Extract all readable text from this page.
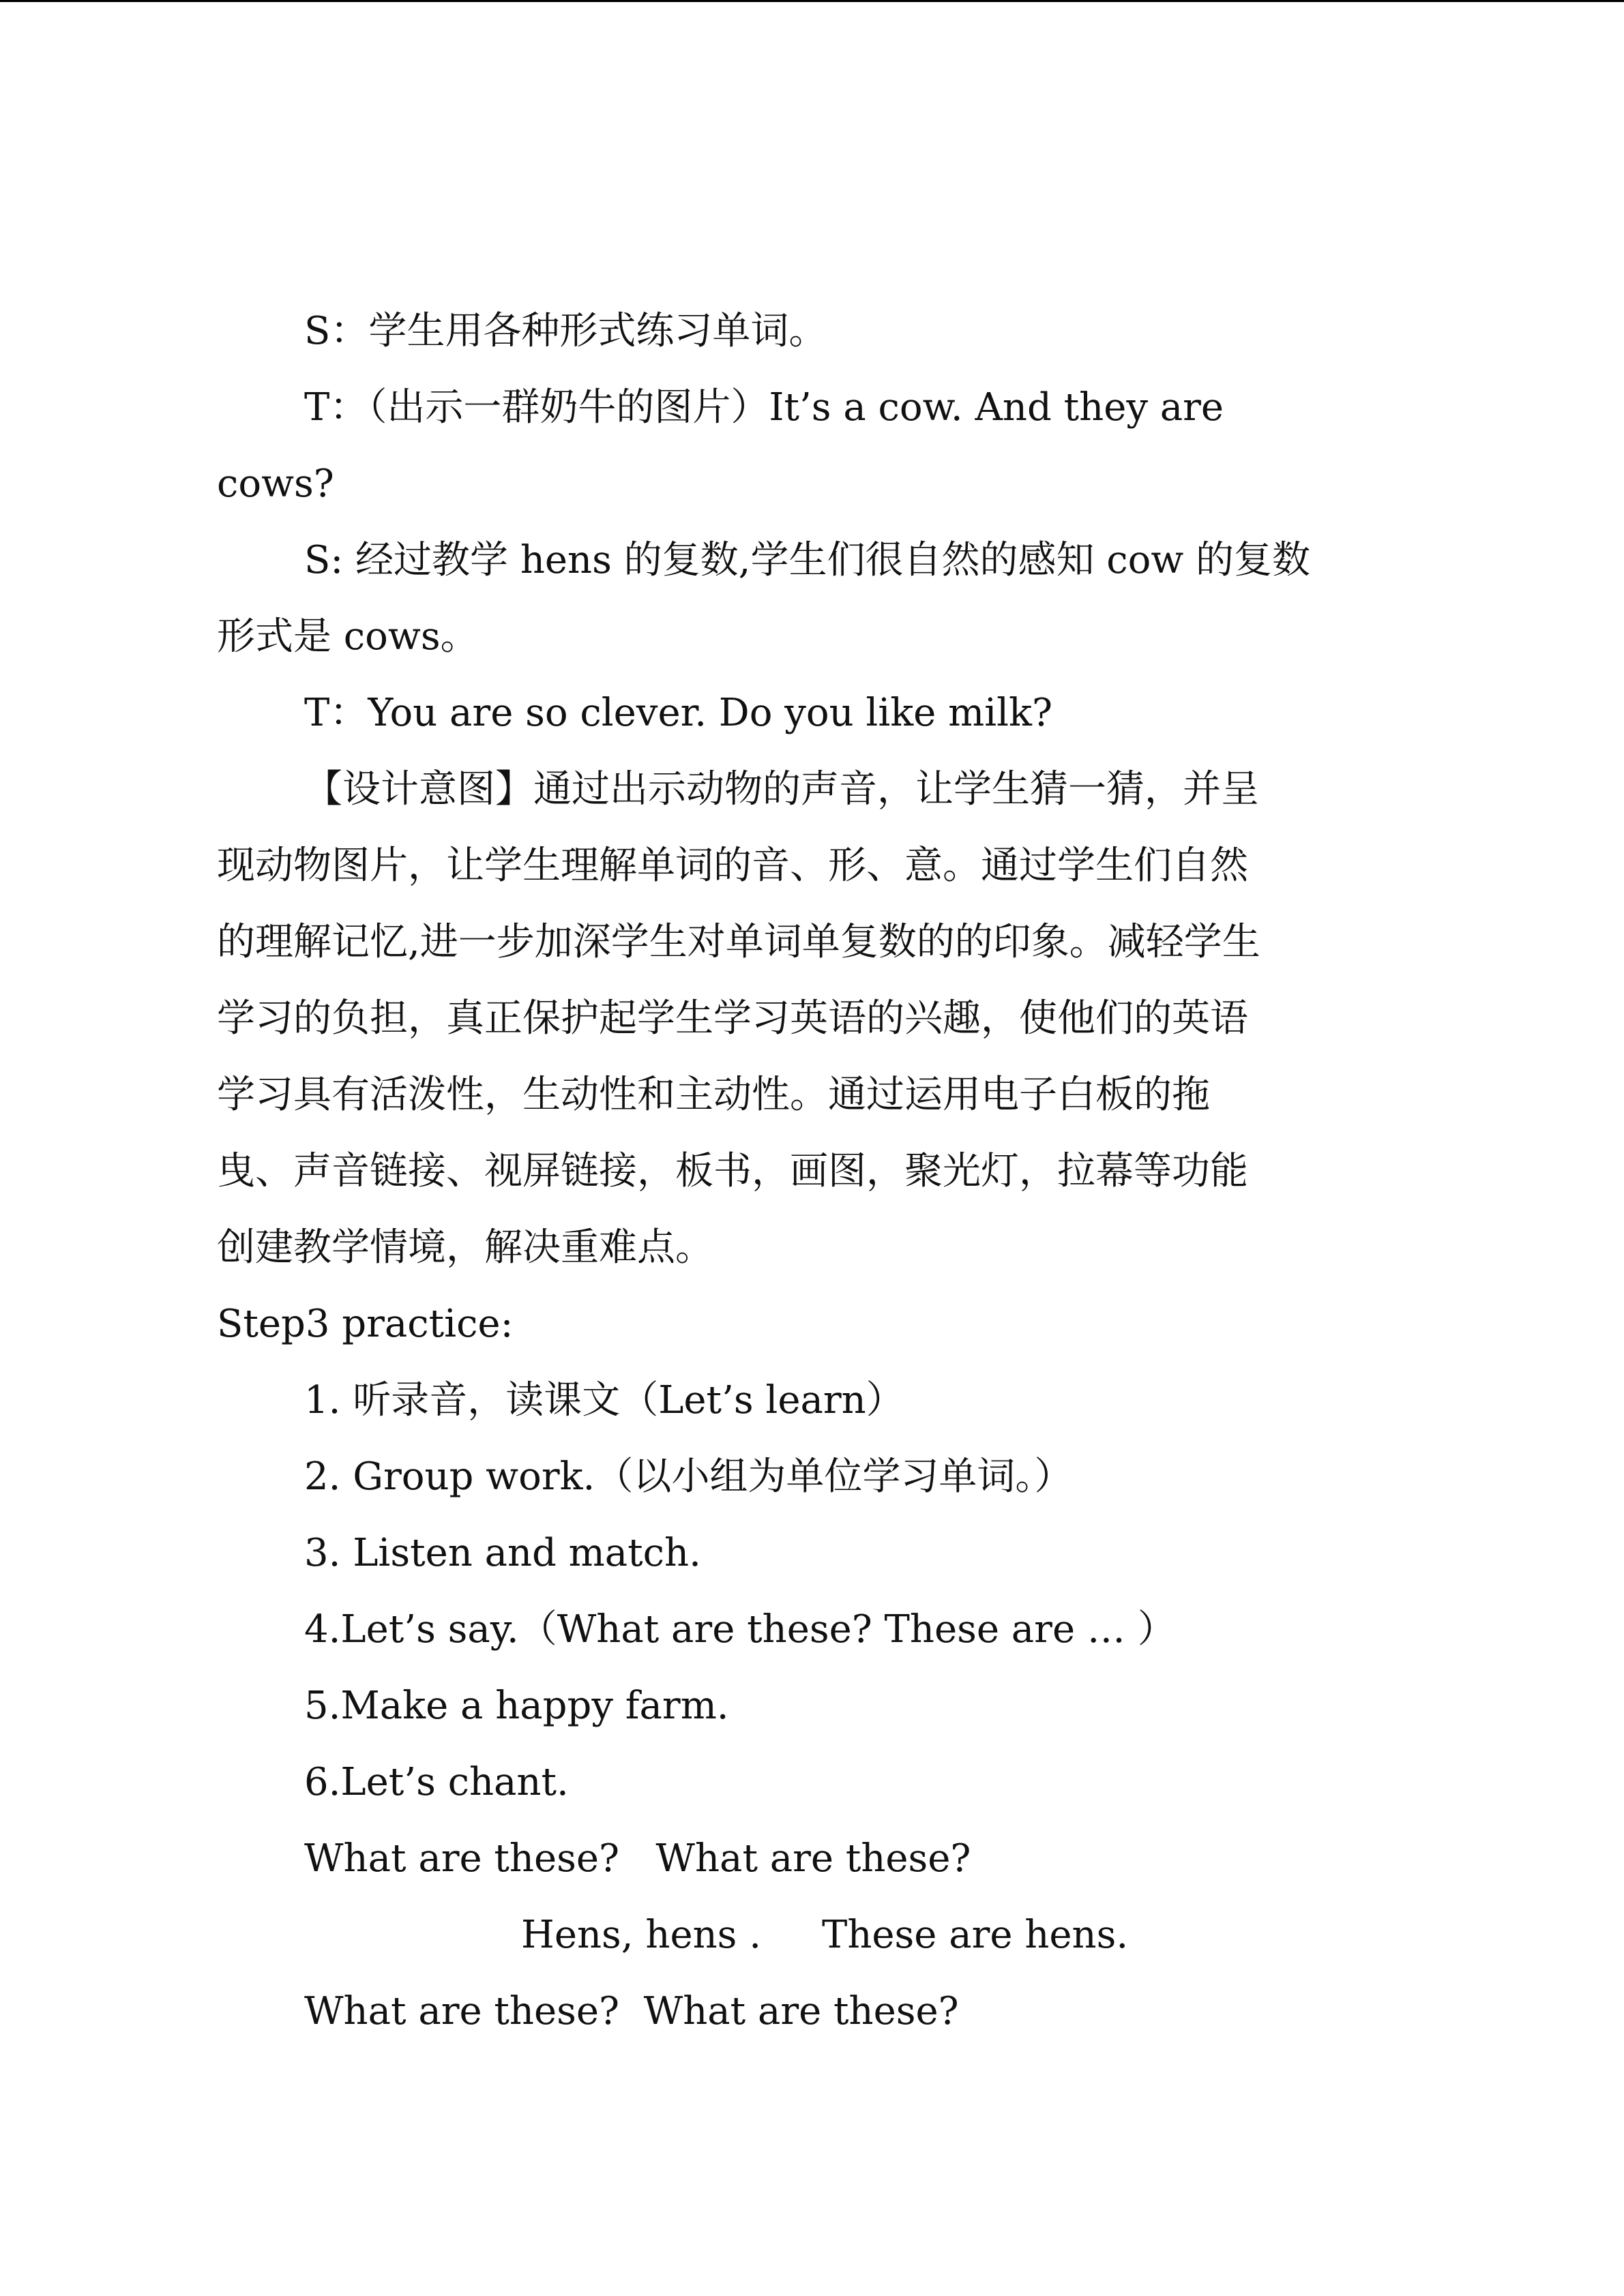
S：学生用各种形式练习单词。
T：（出示一群奶牛的图片）It’s a cow. And they are
cows?
S: 经过教学 hens 的复数,学生们很自然的感知 cow 的复数
形式是 cows。
T：You are so clever. Do you like milk?
【设计意图】通过出示动物的声音，让学生猜一猜，并呈
现动物图片，让学生理解单词的音、形、意。通过学生们自然
的理解记忆,进一步加深学生对单词单复数的的印象。减轻学生
学习的负担，真正保护起学生学习英语的兴趣，使他们的英语
学习具有活泼性，生动性和主动性。通过运用电子白板的拖
曳、声音链接、视屏链接，板书，画图，聚光灯，拉幕等功能
创建教学情境，解决重难点。
Step3 practice:
1. 听录音，读课文（Let’s learn）
2. Group work.（以小组为单位学习单词。）
3. Listen and match.
4.Let’s say.（What are these? These are … ）
5.Make a happy farm.
6.Let’s chant.
What are these?   What are these?
Hens, hens .     These are hens.
What are these?  What are these?
